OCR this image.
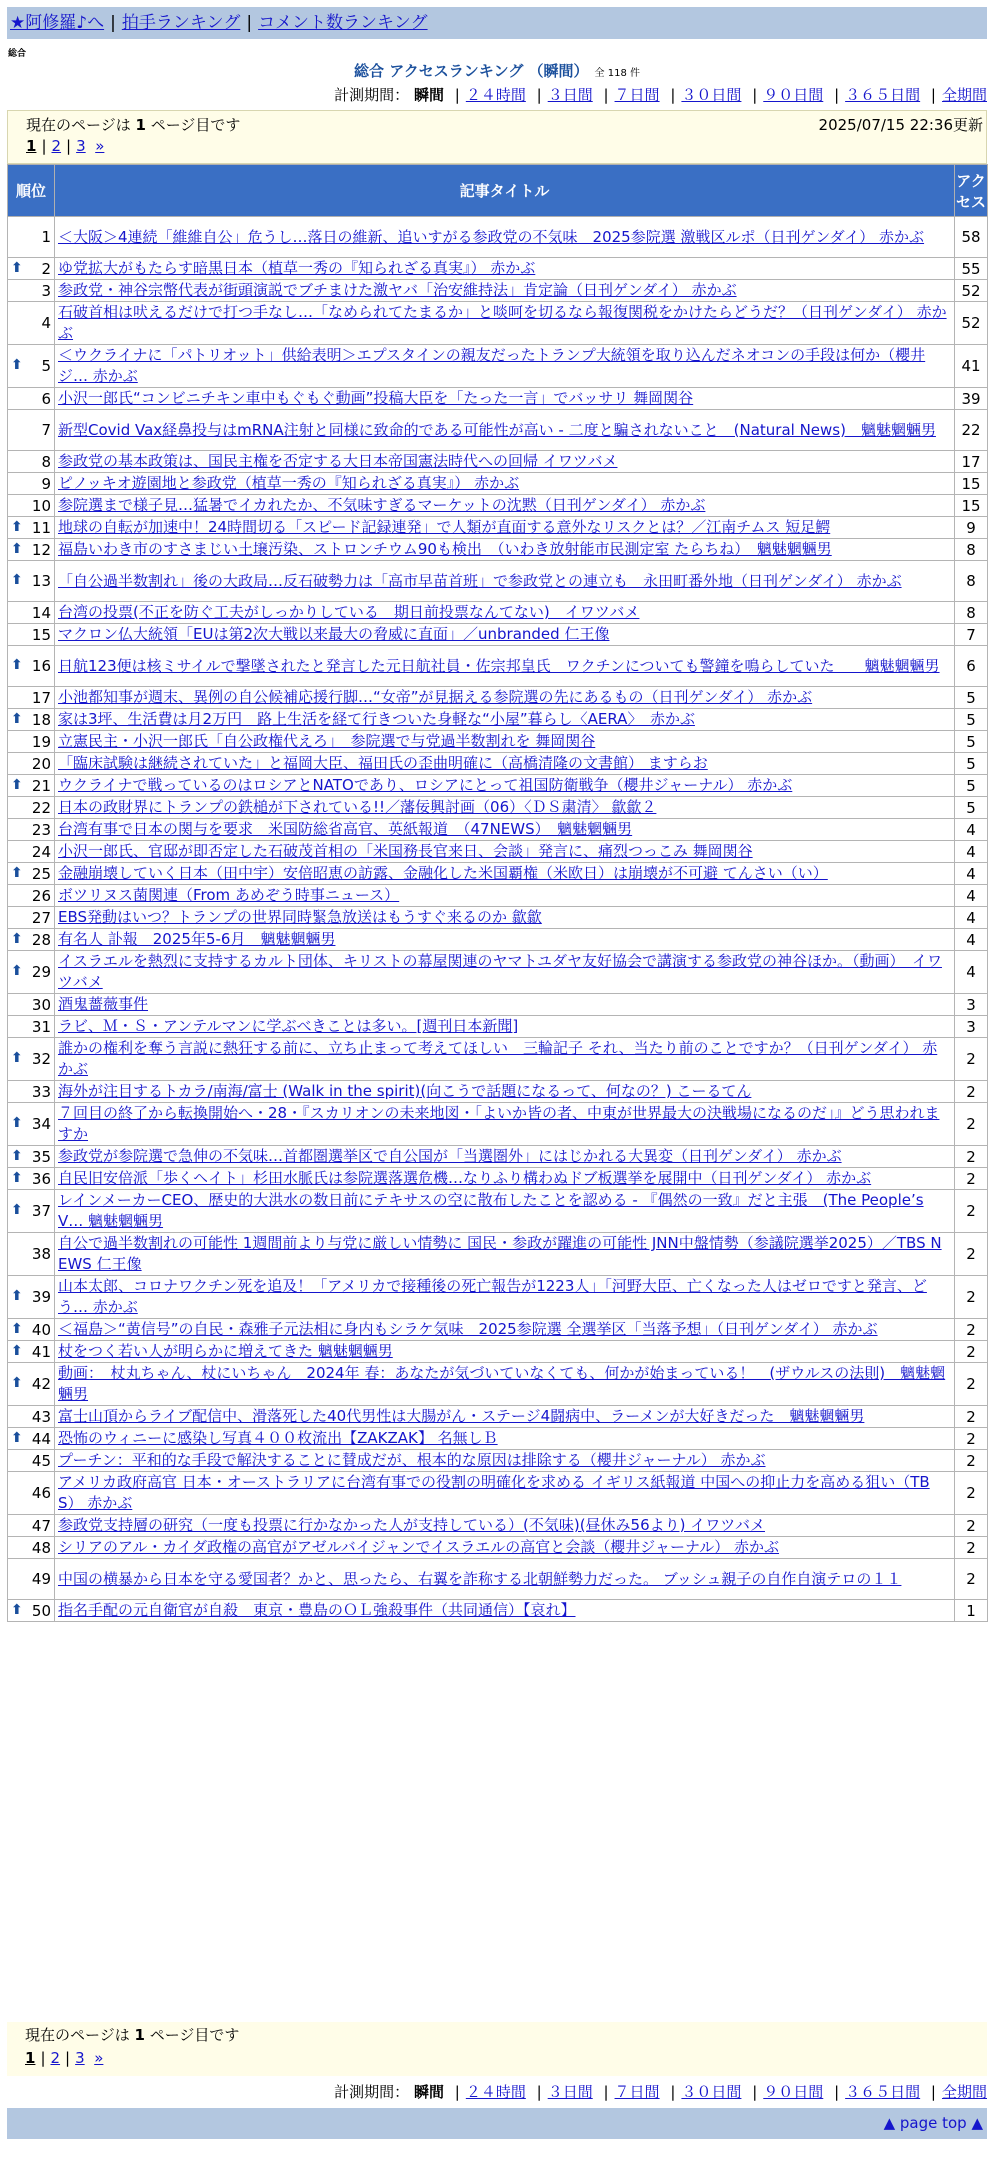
★阿修羅♪へ | 拍手ランキング | コメント数ランキング
総合
総合 アクセスランキング （瞬間） 全 118 件
計測期間： 瞬間 | ２４時間 | ３日間 | ７日間 | ３０日間 | ９０日間 | ３６５日間 | 全期間
現在のページは 1 ページ目です	2025/07/15 22:36更新
1 | 2 | 3 »
順位	記事タイトル	アクセス
1	＜大阪＞4連続「維維自公」危うし…落日の維新、追いすがる参政党の不気味　2025参院選 激戦区ルポ（日刊ゲンダイ） 赤かぶ	58

⬆ 2	ゆ党拡大がもたらす暗黒日本（植草一秀の『知られざる真実』） 赤かぶ	55
3	参政党・神谷宗幣代表が街頭演説でブチまけた激ヤバ「治安維持法」肯定論（日刊ゲンダイ） 赤かぶ	52
4	石破首相は吠えるだけで打つ手なし…「なめられてたまるか」と啖呵を切るなら報復関税をかけたらどうだ？（日刊ゲンダイ） 赤かぶ	52

⬆ 5	＜ウクライナに「パトリオット」供給表明＞エプスタインの親友だったトランプ大統領を取り込んだネオコンの手段は何か（櫻井ジ… 赤かぶ	41
6	小沢一郎氏“コンビニチキン車中もぐもぐ動画”投稿大臣を「たった一言」でバッサリ 舞岡関谷	39
7	新型Covid Vax経鼻投与はmRNA注射と同様に致命的である可能性が高い - 二度と騙されないこと　(Natural News)　魑魅魍魎男	22
8	参政党の基本政策は、国民主権を否定する大日本帝国憲法時代への回帰 イワツバメ	17
9	ピノッキオ遊園地と参政党（植草一秀の『知られざる真実』） 赤かぶ	15
10	参院選まで様子見…猛暑でイカれたか、不気味すぎるマーケットの沈黙（日刊ゲンダイ） 赤かぶ	15

⬆ 11	地球の自転が加速中！24時間切る「スピード記録連発」で人類が直面する意外なリスクとは？／江南チムス 短足鰐	9

⬆ 12	福島いわき市のすさまじい土壌汚染、ストロンチウム90も検出　（いわき放射能市民測定室 たらちね）　魑魅魍魎男	8

⬆ 13	「自公過半数割れ」後の大政局…反石破勢力は「高市早苗首班」で参政党との連立も　永田町番外地（日刊ゲンダイ） 赤かぶ	8
14	台湾の投票(不正を防ぐ工夫がしっかりしている　期日前投票なんてない)　イワツバメ	8
15	マクロン仏大統領「EUは第2次大戦以来最大の脅威に直面」／unbranded 仁王像	7

⬆ 16	日航123便は核ミサイルで撃墜されたと発言した元日航社員・佐宗邦皇氏　ワクチンについても警鐘を鳴らしていた　　魑魅魍魎男	6
17	小池都知事が週末、異例の自公候補応援行脚…“女帝”が見据える参院選の先にあるもの（日刊ゲンダイ） 赤かぶ	5

⬆ 18	家は3坪、生活費は月2万円　路上生活を経て行きついた身軽な“小屋”暮らし〈AERA〉　赤かぶ	5
19	立憲民主・小沢一郎氏「自公政権代えろ」　参院選で与党過半数割れを 舞岡関谷	5
20	「臨床試験は継続されていた」と福岡大臣、福田氏の歪曲明確に（高橋清隆の文書館） ますらお	5

⬆ 21	ウクライナで戦っているのはロシアとNATOであり、ロシアにとって祖国防衛戦争（櫻井ジャーナル） 赤かぶ	5
22	日本の政財界にトランプの鉄槌が下されている!!／藩佞興討画（06）〈ＤＳ粛清〉 歙歙２	5
23	台湾有事で日本の関与を要求　米国防総省高官、英紙報道　（47NEWS）　魑魅魍魎男	4
24	小沢一郎氏、官邸が即否定した石破茂首相の「米国務長官来日、会談」発言に、痛烈つっこみ 舞岡関谷	4

⬆ 25	金融崩壊していく日本（田中宇）安倍昭恵の訪露、金融化した米国覇権（米欧日）は崩壊が不可避 てんさい（い）	4
26	ボツリヌス菌関連（From あめぞう時事ニュース）	4
27	EBS発動はいつ？トランプの世界同時緊急放送はもうすぐ来るのか 歙歙	4

⬆ 28	有名人 訃報　2025年5-6月　魑魅魍魎男	4

⬆ 29	イスラエルを熱烈に支持するカルト団体、キリストの幕屋関連のヤマトユダヤ友好協会で講演する参政党の神谷ほか。（動画）　イワツバメ	4
30	酒鬼薔薇事件	3
31	ラビ、Ｍ・Ｓ・アンテルマンに学ぶべきことは多い。[週刊日本新聞]	3

⬆ 32	誰かの権利を奪う言説に熱狂する前に、立ち止まって考えてほしい　三輪記子 それ、当たり前のことですか？（日刊ゲンダイ） 赤かぶ	2
33	海外が注目するトカラ/南海/富士 (Walk in the spirit)(向こうで話題になるって、何なの？) こーるてん	2

⬆ 34	７回目の終了から転換開始へ・28・『スカリオンの未来地図・「よいか皆の者、中東が世界最大の決戦場になるのだ」』どう思われますか	2

⬆ 35	参政党が参院選で急伸の不気味…首都圏選挙区で自公国が「当選圏外」にはじかれる大異変（日刊ゲンダイ） 赤かぶ	2

⬆ 36	自民旧安倍派「歩くヘイト」杉田水脈氏は参院選落選危機…なりふり構わぬドブ板選挙を展開中（日刊ゲンダイ） 赤かぶ	2

⬆ 37	レインメーカーCEO、歴史的大洪水の数日前にテキサスの空に散布したことを認める - 『偶然の一致』だと主張　(The People’s V… 魑魅魍魎男	2
38	自公で過半数割れの可能性 1週間前より与党に厳しい情勢に 国民・参政が躍進の可能性 JNN中盤情勢（参議院選挙2025）／TBS NEWS 仁王像	2

⬆ 39	山本太郎、コロナワクチン死を追及！「アメリカで接種後の死亡報告が1223人」「河野大臣、亡くなった人はゼロですと発言、どう… 赤かぶ	2

⬆ 40	＜福島＞“黄信号”の自民・森雅子元法相に身内もシラケ気味　2025参院選 全選挙区「当落予想」（日刊ゲンダイ） 赤かぶ	2

⬆ 41	杖をつく若い人が明らかに増えてきた 魑魅魍魎男	2

⬆ 42	動画：　杖丸ちゃん、杖にいちゃん　2024年 春：あなたが気づいていなくても、何かが始まっている！　(ザウルスの法則)　魑魅魍魎男	2
43	富士山頂からライブ配信中、滑落死した40代男性は大腸がん・ステージ4闘病中、ラーメンが大好きだった　魑魅魍魎男	2

⬆ 44	恐怖のウィニーに感染し写真４００枚流出【ZAKZAK】 名無しＢ	2
45	プーチン：平和的な手段で解決することに賛成だが、根本的な原因は排除する（櫻井ジャーナル） 赤かぶ	2
46	アメリカ政府高官 日本・オーストラリアに台湾有事での役割の明確化を求める イギリス紙報道 中国への抑止力を高める狙い（TBS） 赤かぶ	2
47	参政党支持層の研究（一度も投票に行かなかった人が支持している）(不気味)(昼休み56より) イワツバメ	2
48	シリアのアル・カイダ政権の高官がアゼルバイジャンでイスラエルの高官と会談（櫻井ジャーナル） 赤かぶ	2
49	中国の横暴から日本を守る愛国者？かと、思ったら、右翼を詐称する北朝鮮勢力だった。 ブッシュ親子の自作自演テロの１１	2

⬆ 50	指名手配の元自衛官が自殺　東京・豊島のＯＬ強殺事件（共同通信）【哀れ】	1
現在のページは 1 ページ目です
1 | 2 | 3 »
計測期間： 瞬間 | ２４時間 | ３日間 | ７日間 | ３０日間 | ９０日間 | ３６５日間 | 全期間
▲ page top ▲
